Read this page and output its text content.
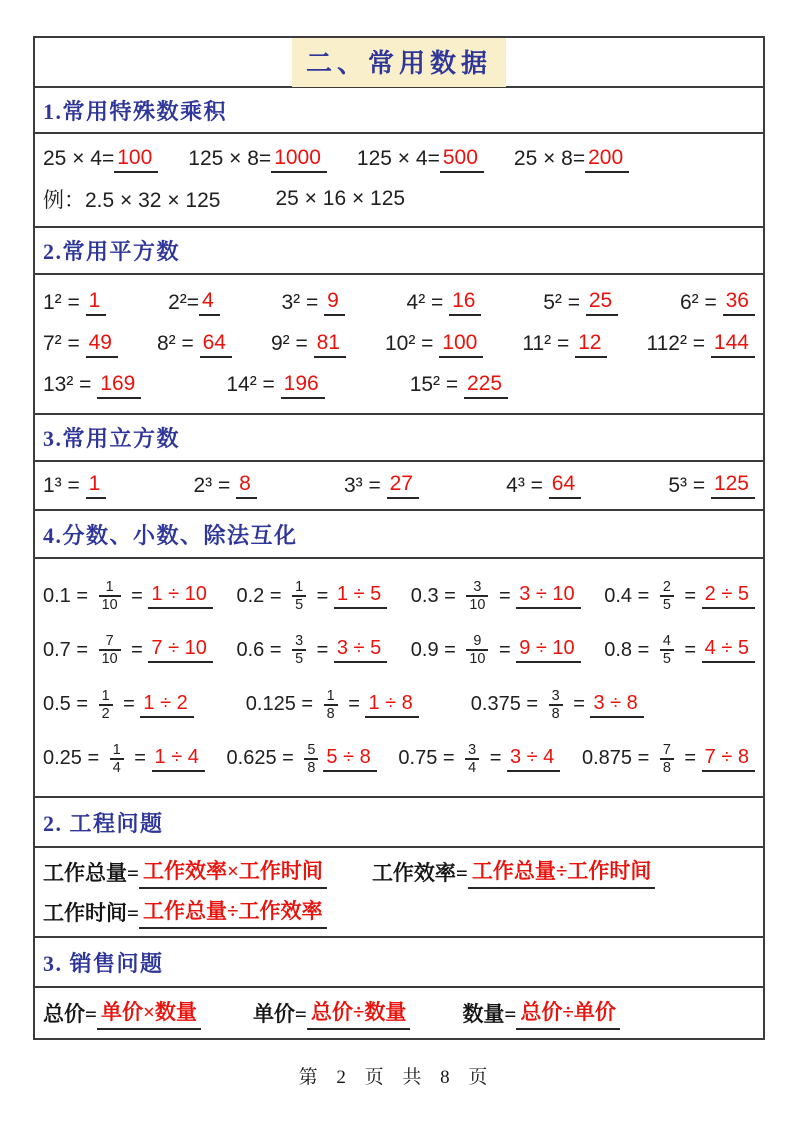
二、常用数据
1.常用特殊数乘积
25 × 4= 100 125 × 8= 1000 125 × 4= 500 25 × 8= 200
例：2.5 × 32 × 125	25 × 16 × 125
2.常用平方数
1² = 1	2²= 4	3² = 9	4² = 16	5² = 25	6² = 36
7² = 49 8² = 64 9² = 81 10² = 100 11² = 12 112² = 144
13² = 169	14² = 196	15² = 225
3.常用立方数
1³ = 1	2³ = 8	3³ = 27	4³ = 64	5³ = 125
4.分数、小数、除法互化
$0.1 = \frac{1}{10} = 1 \div 10$	$0.2 = \frac{1}{5} = 1 \div 5$	$0.3 = \frac{3}{10} = 3 \div 10$	$0.4 = \frac{2}{5} = 2 \div 5$
$0.7 = \frac{7}{10} = 7 \div 10$	$0.6 = \frac{3}{5} = 3 \div 5$	$0.9 = \frac{9}{10} = 9 \div 10$	$0.8 = \frac{4}{5} = 4 \div 5$
$0.5 = \frac{1}{2} = 1 \div 2$	$0.125 = \frac{1}{8} = 1 \div 8$	$0.375 = \frac{3}{8} = 3 \div 8$
$0.25 = \frac{1}{4} = 1 \div 4$	$0.625 = \frac{5}{8} 5 \div 8$	$0.75 = \frac{3}{4} = 3 \div 4$	$0.875 = \frac{7}{8} = 7 \div 8$
2. 工程问题
工作总量= 工作效率×工作时间 工作效率= 工作总量÷工作时间
工作时间= 工作总量÷工作效率
3. 销售问题
总价= 单价×数量	单价= 总价÷数量	数量= 总价÷单价
第 2 页 共 8 页
